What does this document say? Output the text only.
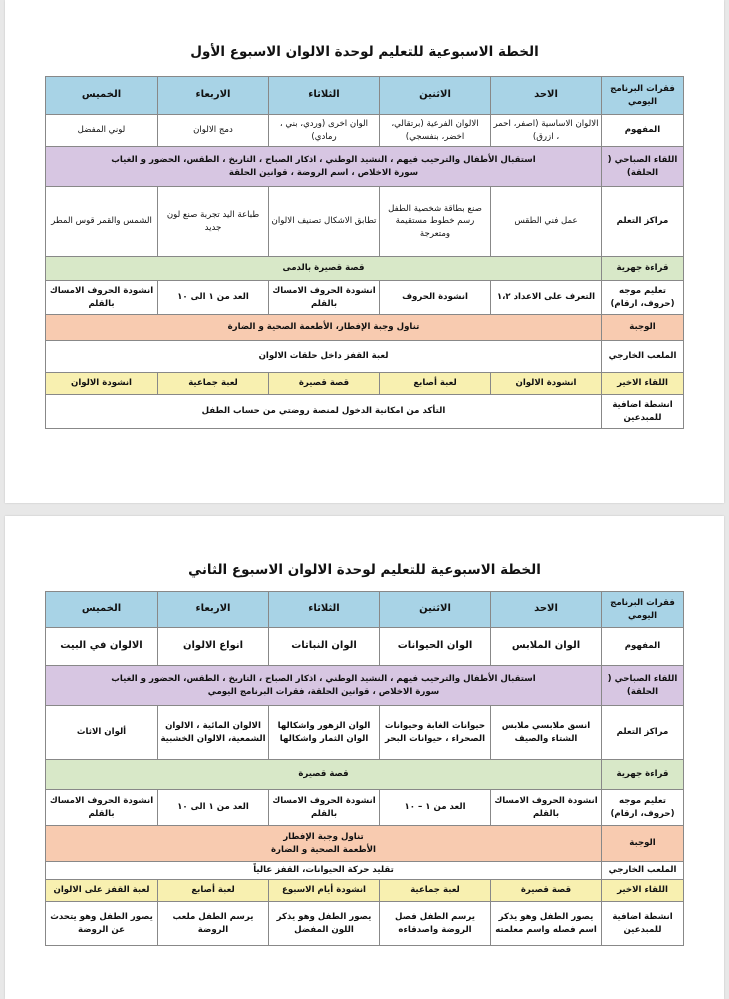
الخطة الاسبوعية للتعليم لوحدة الالوان الاسبوع الأول
فقرات البرنامج اليومي	الاحد	الاثنين	الثلاثاء	الاربعاء	الخميس
المفهوم	الالوان الاساسية (اصفر، احمر ، ازرق)	الالوان الفرعية (برتقالي، اخضر، بنفسجي)	الوان اخرى (وردي، بني ، رمادي)	دمج الالوان	لوني المفضل
اللقاء الصباحي ( الحلقة)	استقبال الأطفال والترحيب فيهم ، النشيد الوطني ، اذكار الصباح ، التاريخ ، الطقس، الحضور و الغياب
سورة الاخلاص ، اسم الروضة ، قوانين الحلقة				

مراكز التعلم	عمل فني الطقس	صنع بطاقة شخصية الطفل رسم خطوط مستقيمة ومتعرجة	تطابق الاشكال تصنيف الالوان	طباعة اليد تجربة صنع لون جديد	الشمس والقمر قوس المطر
قراءة جهرية	قصة قصيرة بالدمى				
تعليم موجه (حروف، ارقام)	التعرف على الاعداد ١،٢	انشودة الحروف	انشودة الحروف الامساك بالقلم	العد من ١ الى ١٠	انشودة الحروف الامساك بالقلم
الوجبة	تناول وجبة الإفطار، الأطعمة الصحية و الضارة				
الملعب الخارجي	لعبة القفز داخل حلقات الالوان				
اللقاء الاخير	انشودة الالوان	لعبة أصابع	قصة قصيرة	لعبة جماعية	انشودة الالوان
انشطة اضافية للمبدعين	التأكد من امكانية الدخول لمنصة روضتي من حساب الطفل				
الخطة الاسبوعية للتعليم لوحدة الالوان الاسبوع الثاني
فقرات البرنامج اليومي	الاحد	الاثنين	الثلاثاء	الاربعاء	الخميس
المفهوم	الوان الملابس	الوان الحيوانات	الوان النباتات	انواع الالوان	الالوان في البيت
اللقاء الصباحي ( الحلقة)	استقبال الأطفال والترحيب فيهم ، النشيد الوطني ، اذكار الصباح ، التاريخ ، الطقس، الحضور و الغياب
سورة الاخلاص ، قوانين الحلقة، فقرات البرنامج اليومي				

مراكز التعلم	انسق ملابسي ملابس الشتاء والصيف	حيوانات الغابة وحيوانات الصحراء ، حيوانات البحر	الوان الزهور واشكالها الوان الثمار واشكالها	الالوان المائية ، الالوان الشمعية، الالوان الخشبية	ألوان الاثاث
قراءة جهرية	قصة قصيرة				
تعليم موجه (حروف، ارقام)	انشودة الحروف الامساك بالقلم	العد من ١ – ١٠	انشودة الحروف الامساك بالقلم	العد من ١ الى ١٠	انشودة الحروف الامساك بالقلم
الوجبة	تناول وجبة الإفطار
الأطعمة الصحية و الضارة				

الملعب الخارجي	تقليد حركة الحيوانات، القفز عالياً				
اللقاء الاخير	قصة قصيرة	لعبة جماعية	انشودة أيام الاسبوع	لعبة أصابع	لعبة القفز على الالوان
انشطة اضافية للمبدعين	يصور الطفل وهو يذكر اسم فصله واسم معلمته	يرسم الطفل فصل الروضة واصدقاءه	يصور الطفل وهو يذكر اللون المفضل	يرسم الطفل ملعب الروضة	يصور الطفل وهو يتحدث عن الروضة
